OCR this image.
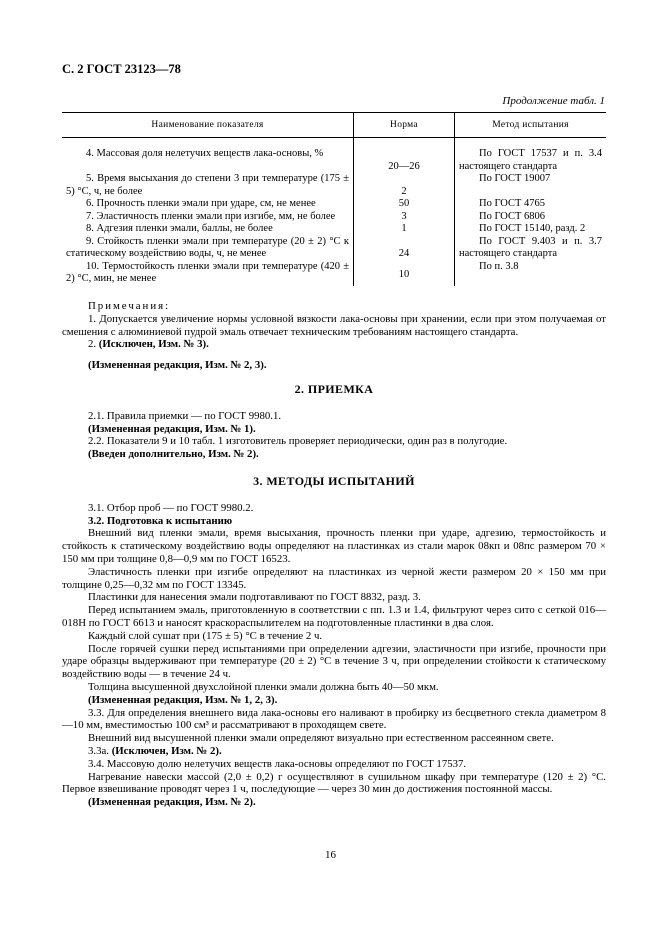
С. 2 ГОСТ 23123—78
Продолжение табл. 1
Наименование показателя	Норма	Метод испытания

4. Массовая доля нелетучих веществ лака-основы, %	20—26	По ГОСТ 17537 и п. 3.4 настоящего стандарта
5. Время высыхания до степени 3 при температуре (175 ± 5) °С, ч, не более	2	По ГОСТ 19007
6. Прочность пленки эмали при ударе, см, не менее	50	По ГОСТ 4765
7. Эластичность пленки эмали при изгибе, мм, не более	3	По ГОСТ 6806
8. Адгезия пленки эмали, баллы, не более	1	По ГОСТ 15140, разд. 2
9. Стойкость пленки эмали при температуре (20 ± 2) °С к статическому воздействию воды, ч, не менее	24	По ГОСТ 9.403 и п. 3.7 настоящего стандарта
10. Термостойкость пленки эмали при температуре (420 ± 2) °С, мин, не менее	10	По п. 3.8

Примечания:

1. Допускается увеличение нормы условной вязкости лака-основы при хранении, если при этом получаемая от смешения с алюминиевой пудрой эмаль отвечает техническим требованиям настоящего стандарта.

2. (Исключен, Изм. № 3).

(Измененная редакция, Изм. № 2, 3).

2. ПРИЕМКА

2.1. Правила приемки — по ГОСТ 9980.1.

(Измененная редакция, Изм. № 1).

2.2. Показатели 9 и 10 табл. 1 изготовитель проверяет периодически, один раз в полугодие.

(Введен дополнительно, Изм. № 2).

3. МЕТОДЫ ИСПЫТАНИЙ

3.1. Отбор проб — по ГОСТ 9980.2.

3.2. Подготовка к испытанию

Внешний вид пленки эмали, время высыхания, прочность пленки при ударе, адгезию, термостойкость и стойкость к статическому воздействию воды определяют на пластинках из стали марок 08кп и 08пс размером 70 × 150 мм при толщине 0,8—0,9 мм по ГОСТ 16523.

Эластичность пленки при изгибе определяют на пластинках из черной жести размером 20 × 150 мм при толщине 0,25—0,32 мм по ГОСТ 13345.

Пластинки для нанесения эмали подготавливают по ГОСТ 8832, разд. 3.

Перед испытанием эмаль, приготовленную в соответствии с пп. 1.3 и 1.4, фильтруют через сито с сеткой 016—018Н по ГОСТ 6613 и наносят краскораспылителем на подготовленные пластинки в два слоя.

Каждый слой сушат при (175 ± 5) °С в течение 2 ч.

После горячей сушки перед испытаниями при определении адгезии, эластичности при изгибе, прочности при ударе образцы выдерживают при температуре (20 ± 2) °С в течение 3 ч, при определении стойкости к статическому воздействию воды — в течение 24 ч.

Толщина высушенной двухслойной пленки эмали должна быть 40—50 мкм.

(Измененная редакция, Изм. № 1, 2, 3).

3.3. Для определения внешнего вида лака-основы его наливают в пробирку из бесцветного стекла диаметром 8—10 мм, вместимостью 100 см³ и рассматривают в проходящем свете.

Внешний вид высушенной пленки эмали определяют визуально при естественном рассеянном свете.

3.3а. (Исключен, Изм. № 2).

3.4. Массовую долю нелетучих веществ лака-основы определяют по ГОСТ 17537.

Нагревание навески массой (2,0 ± 0,2) г осуществляют в сушильном шкафу при температуре (120 ± 2) °С. Первое взвешивание проводят через 1 ч, последующие — через 30 мин до достижения постоянной массы.

(Измененная редакция, Изм. № 2).

16
